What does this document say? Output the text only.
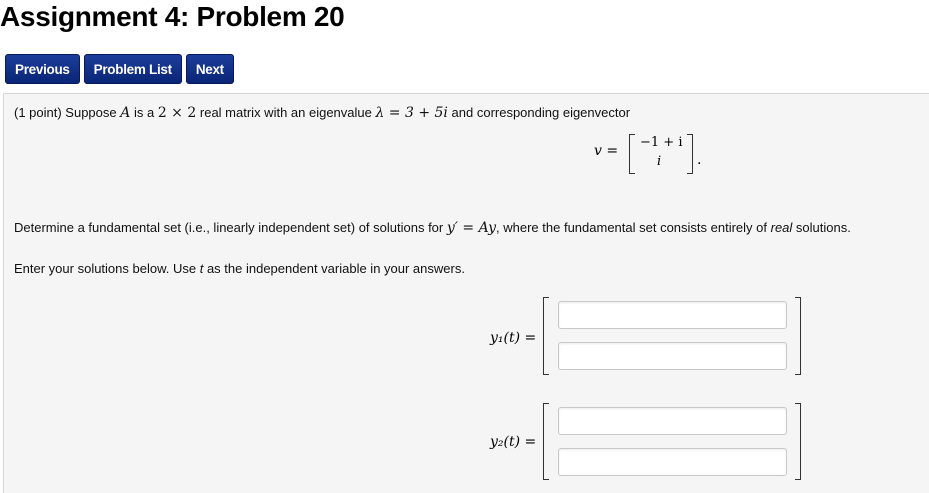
Assignment 4: Problem 20
Previous	Problem List	Next
(1 point) Suppose A is a 2 × 2 real matrix with an eigenvalue λ = 3 + 5i and corresponding eigenvector
v =
−1 + i
i	.
Determine a fundamental set (i.e., linearly independent set) of solutions for y′ = Ay, where the fundamental set consists entirely of real solutions.
Enter your solutions below. Use t as the independent variable in your answers.
y₁(t) =
y₂(t) =
